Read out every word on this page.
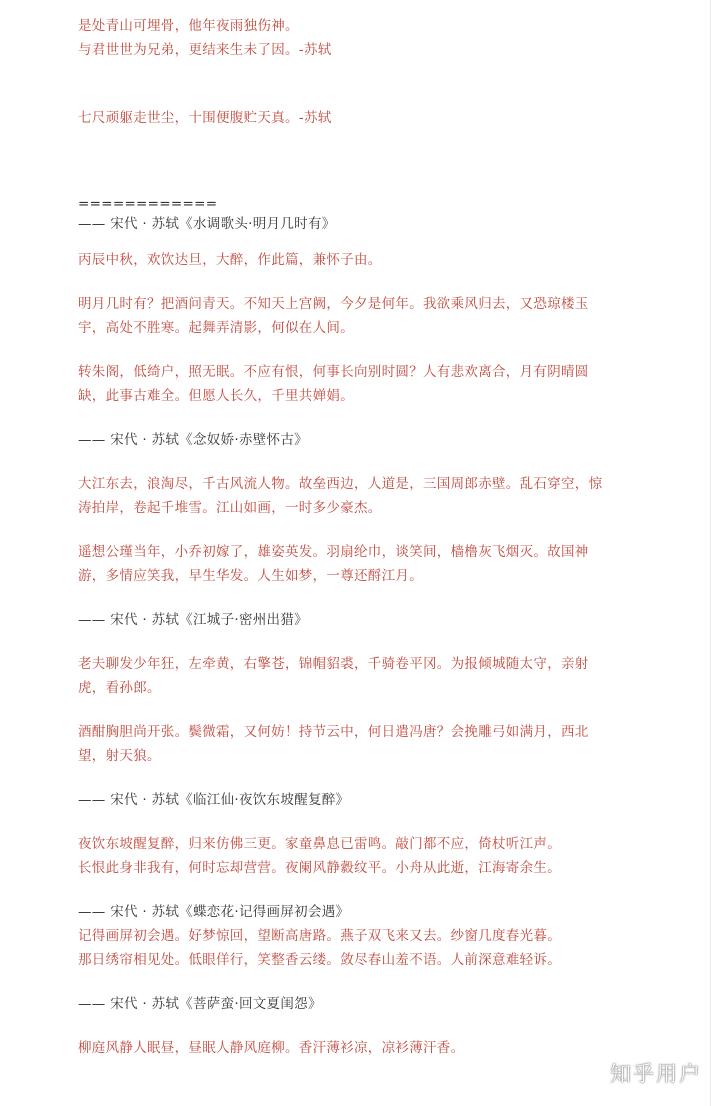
是处青山可埋骨，他年夜雨独伤神。
与君世世为兄弟，更结来生未了因。-苏轼
七尺顽躯走世尘，十围便腹贮天真。-苏轼
============
—— 宋代 · 苏轼《水调歌头·明月几时有》
丙辰中秋，欢饮达旦，大醉，作此篇，兼怀子由。
明月几时有？把酒问青天。不知天上宫阙，今夕是何年。我欲乘风归去，又恐琼楼玉
宇，高处不胜寒。起舞弄清影，何似在人间。
转朱阁，低绮户，照无眠。不应有恨，何事长向别时圆？人有悲欢离合，月有阴晴圆
缺，此事古难全。但愿人长久，千里共婵娟。
—— 宋代 · 苏轼《念奴娇·赤壁怀古》
大江东去，浪淘尽，千古风流人物。故垒西边，人道是，三国周郎赤壁。乱石穿空，惊
涛拍岸，卷起千堆雪。江山如画，一时多少豪杰。
遥想公瑾当年，小乔初嫁了，雄姿英发。羽扇纶巾，谈笑间，樯橹灰飞烟灭。故国神
游，多情应笑我，早生华发。人生如梦，一尊还酹江月。
—— 宋代 · 苏轼《江城子·密州出猎》
老夫聊发少年狂，左牵黄，右擎苍，锦帽貂裘，千骑卷平冈。为报倾城随太守，亲射
虎，看孙郎。
酒酣胸胆尚开张。鬓微霜，又何妨！持节云中，何日遣冯唐？会挽雕弓如满月，西北
望，射天狼。
—— 宋代 · 苏轼《临江仙·夜饮东坡醒复醉》
夜饮东坡醒复醉，归来仿佛三更。家童鼻息已雷鸣。敲门都不应，倚杖听江声。
长恨此身非我有，何时忘却营营。夜阑风静縠纹平。小舟从此逝，江海寄余生。
—— 宋代 · 苏轼《蝶恋花·记得画屏初会遇》
记得画屏初会遇。好梦惊回，望断高唐路。燕子双飞来又去。纱窗几度春光暮。
那日绣帘相见处。低眼佯行，笑整香云缕。敛尽春山羞不语。人前深意难轻诉。
—— 宋代 · 苏轼《菩萨蛮·回文夏闺怨》
柳庭风静人眠昼，昼眠人静风庭柳。香汗薄衫凉，凉衫薄汗香。
知乎用户
